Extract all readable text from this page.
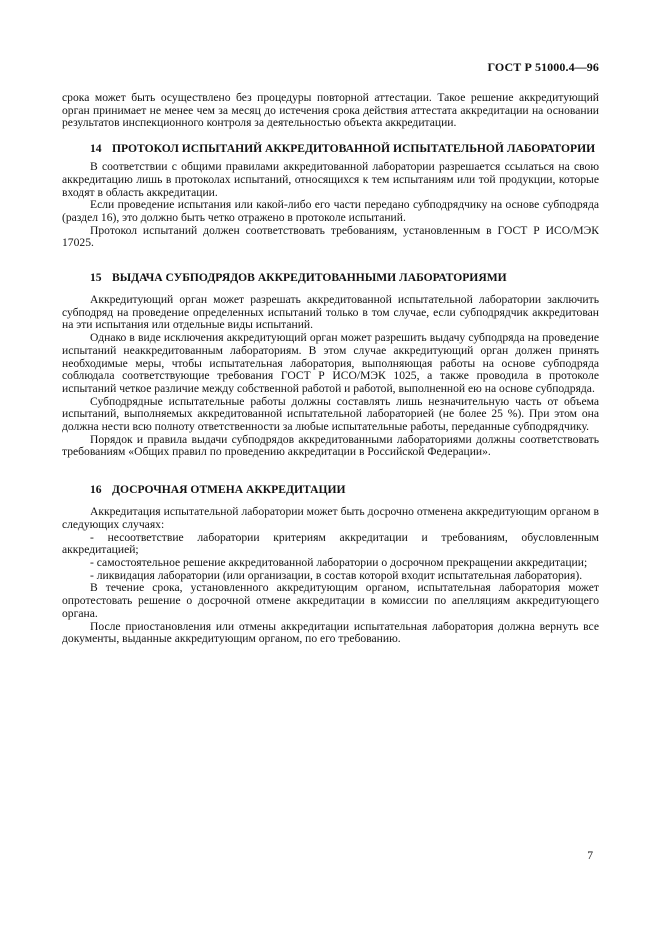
ГОСТ Р 51000.4—96

срока может быть осуществлено без процедуры повторной аттестации. Такое решение аккредитующий орган принимает не менее чем за месяц до истечения срока действия аттестата аккредитации на основании результатов инспекционного контроля за деятельностью объекта аккредитации.

14 ПРОТОКОЛ ИСПЫТАНИЙ АККРЕДИТОВАННОЙ ИСПЫТАТЕЛЬНОЙ ЛАБОРАТОРИИ

В соответствии с общими правилами аккредитованной лаборатории разрешается ссылаться на свою аккредитацию лишь в протоколах испытаний, относящихся к тем испытаниям или той продукции, которые входят в область аккредитации.

Если проведение испытания или какой-либо его части передано субподрядчику на основе субподряда (раздел 16), это должно быть четко отражено в протоколе испытаний.

Протокол испытаний должен соответствовать требованиям, установленным в ГОСТ Р ИСО/МЭК 17025.

15 ВЫДАЧА СУБПОДРЯДОВ АККРЕДИТОВАННЫМИ ЛАБОРАТОРИЯМИ

Аккредитующий орган может разрешать аккредитованной испытательной лаборатории заключить субподряд на проведение определенных испытаний только в том случае, если субподрядчик аккредитован на эти испытания или отдельные виды испытаний.

Однако в виде исключения аккредитующий орган может разрешить выдачу субподряда на проведение испытаний неаккредитованным лабораториям. В этом случае аккредитующий орган должен принять необходимые меры, чтобы испытательная лаборатория, выполняющая работы на основе субподряда соблюдала соответствующие требования ГОСТ Р ИСО/МЭК 1025, а также проводила в протоколе испытаний четкое различие между собственной работой и работой, выполненной ею на основе субподряда.

Субподрядные испытательные работы должны составлять лишь незначительную часть от объема испытаний, выполняемых аккредитованной испытательной лабораторией (не более 25 %). При этом она должна нести всю полноту ответственности за любые испытательные работы, переданные субподрядчику.

Порядок и правила выдачи субподрядов аккредитованными лабораториями должны соответствовать требованиям «Общих правил по проведению аккредитации в Российской Федерации».

16 ДОСРОЧНАЯ ОТМЕНА АККРЕДИТАЦИИ

Аккредитация испытательной лаборатории может быть досрочно отменена аккредитующим органом в следующих случаях:

- несоответствие лаборатории критериям аккредитации и требованиям, обусловленным аккредитацией;

- самостоятельное решение аккредитованной лаборатории о досрочном прекращении аккредитации;

- ликвидация лаборатории (или организации, в состав которой входит испытательная лаборатория).

В течение срока, установленного аккредитующим органом, испытательная лаборатория может опротестовать решение о досрочной отмене аккредитации в комиссии по апелляциям аккредитующего органа.

После приостановления или отмены аккредитации испытательная лаборатория должна вернуть все документы, выданные аккредитующим органом, по его требованию.

7
